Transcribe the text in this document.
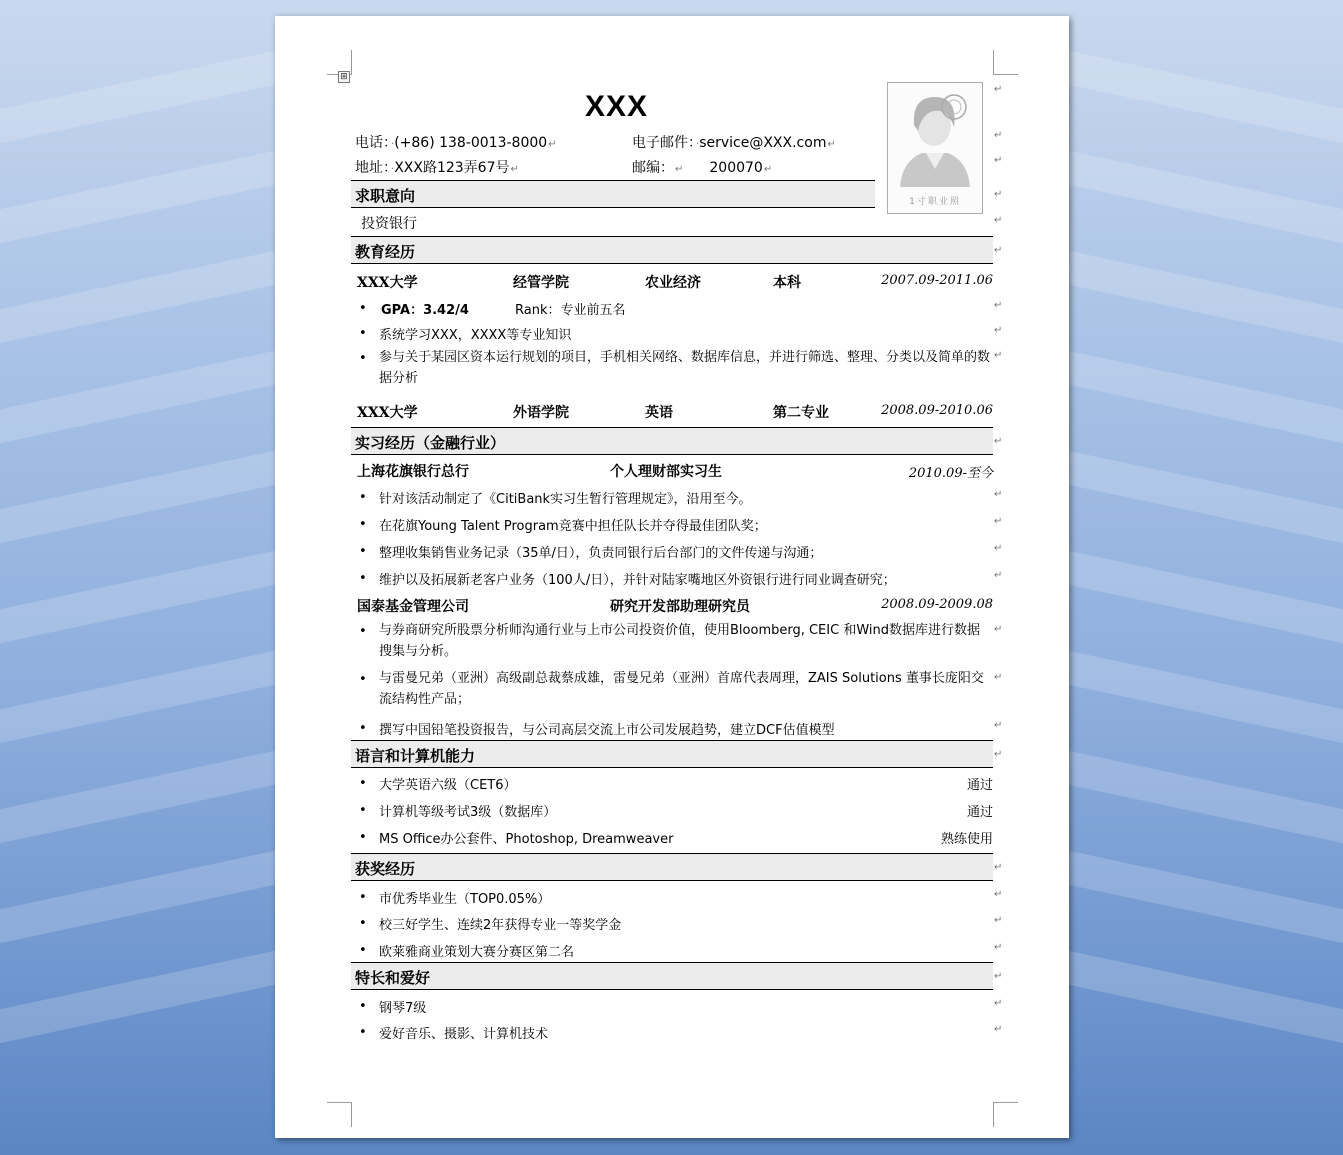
⊞
XXX
电话：·(+86) 138-0013-8000↵	电子邮件：·service@XXX.com↵
地址：·XXX路123弄67号↵	邮编：↵ 200070↵
1寸职业照
求职意向
投资银行
教育经历
XXX大学	经管学院	农业经济	本科	2007.09-2011.06
• GPA：3.42/4	Rank：专业前五名
• 系统学习XXX，XXXX等专业知识
• 参与关于某园区资本运行规划的项目，手机相关网络、数据库信息，并进行筛选、整理、分类以及简单的数据分析
XXX大学	外语学院	英语	第二专业	2008.09-2010.06
实习经历（金融行业）
上海花旗银行总行	个人理财部实习生	2010.09-至今
• 针对该活动制定了《CitiBank实习生暂行管理规定》，沿用至今。
• 在花旗Young Talent Program竞赛中担任队长并夺得最佳团队奖；
• 整理收集销售业务记录（35单/日），负责同银行后台部门的文件传递与沟通；
• 维护以及拓展新老客户业务（100人/日），并针对陆家嘴地区外资银行进行同业调查研究；
国泰基金管理公司	研究开发部助理研究员	2008.09-2009.08
• 与券商研究所股票分析师沟通行业与上市公司投资价值，使用Bloomberg, CEIC 和Wind数据库进行数据搜集与分析。
• 与雷曼兄弟（亚洲）高级副总裁蔡成雄，雷曼兄弟（亚洲）首席代表周理，ZAIS Solutions 董事长庞阳交流结构性产品；
• 撰写中国铅笔投资报告，与公司高层交流上市公司发展趋势，建立DCF估值模型
语言和计算机能力
• 大学英语六级（CET6）	通过
• 计算机等级考试3级（数据库）	通过
• MS Office办公套件、Photoshop, Dreamweaver	熟练使用
获奖经历
• 市优秀毕业生（TOP0.05%）
• 校三好学生、连续2年获得专业一等奖学金
• 欧莱雅商业策划大赛分赛区第二名
特长和爱好
• 钢琴7级
• 爱好音乐、摄影、计算机技术
↵
↵
↵
↵
↵
↵
↵
↵
↵
↵
↵
↵
↵
↵
↵
↵
↵
↵
↵
↵
↵
↵
↵
↵
↵
